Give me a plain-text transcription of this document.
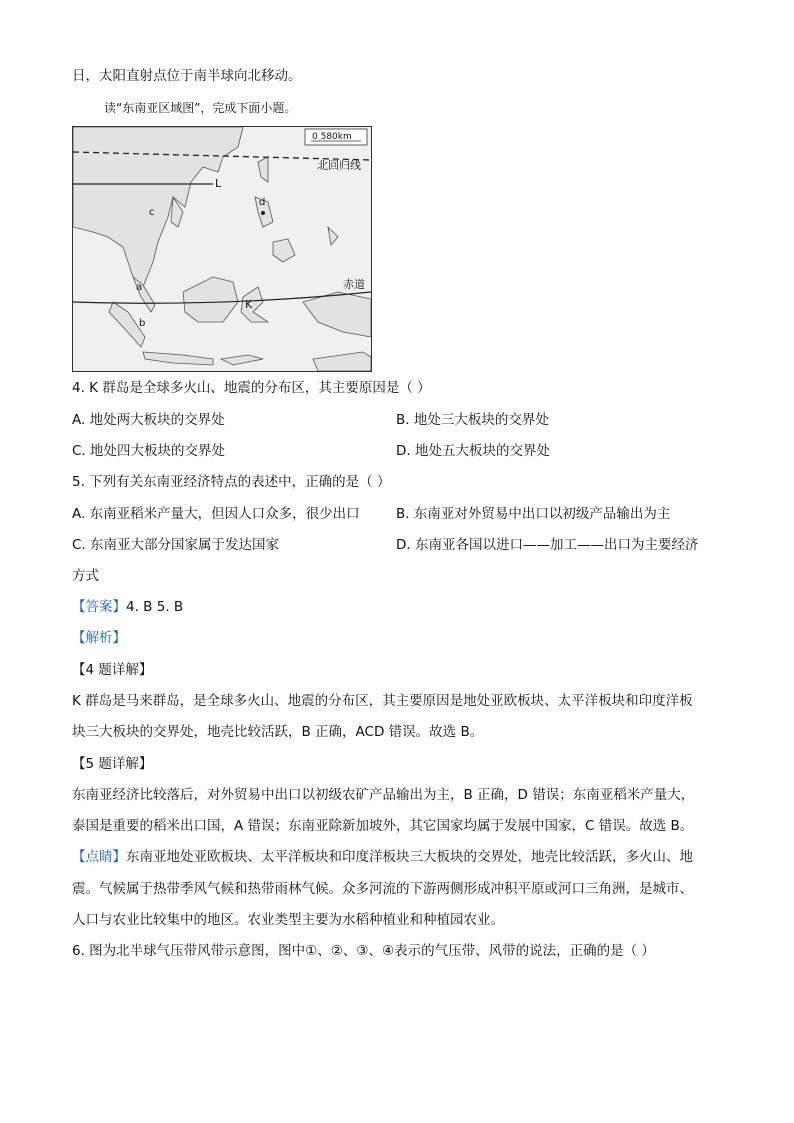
日，太阳直射点位于南半球向北移动。
读“东南亚区域图”，完成下面小题。
0 580km
北回归线
L
赤道
K
a
b
c
d
4. K 群岛是全球多火山、地震的分布区，其主要原因是（ ）
A. 地处两大板块的交界处	B. 地处三大板块的交界处
C. 地处四大板块的交界处	D. 地处五大板块的交界处
5. 下列有关东南亚经济特点的表述中，正确的是（ ）
A. 东南亚稻米产量大，但因人口众多，很少出口	B. 东南亚对外贸易中出口以初级产品输出为主
C. 东南亚大部分国家属于发达国家	D. 东南亚各国以进口——加工——出口为主要经济
方式
【答案】4. B 5. B
【解析】
【4 题详解】
K 群岛是马来群岛，是全球多火山、地震的分布区，其主要原因是地处亚欧板块、太平洋板块和印度洋板
块三大板块的交界处，地壳比较活跃，B 正确，ACD 错误。故选 B。
【5 题详解】
东南亚经济比较落后，对外贸易中出口以初级农矿产品输出为主，B 正确，D 错误；东南亚稻米产量大，
泰国是重要的稻米出口国，A 错误；东南亚除新加坡外，其它国家均属于发展中国家，C 错误。故选 B。
【点睛】东南亚地处亚欧板块、太平洋板块和印度洋板块三大板块的交界处，地壳比较活跃，多火山、地
震。气候属于热带季风气候和热带雨林气候。众多河流的下游两侧形成冲积平原或河口三角洲，是城市、
人口与农业比较集中的地区。农业类型主要为水稻种植业和种植园农业。
6. 图为北半球气压带风带示意图，图中①、②、③、④表示的气压带、风带的说法，正确的是（ ）
